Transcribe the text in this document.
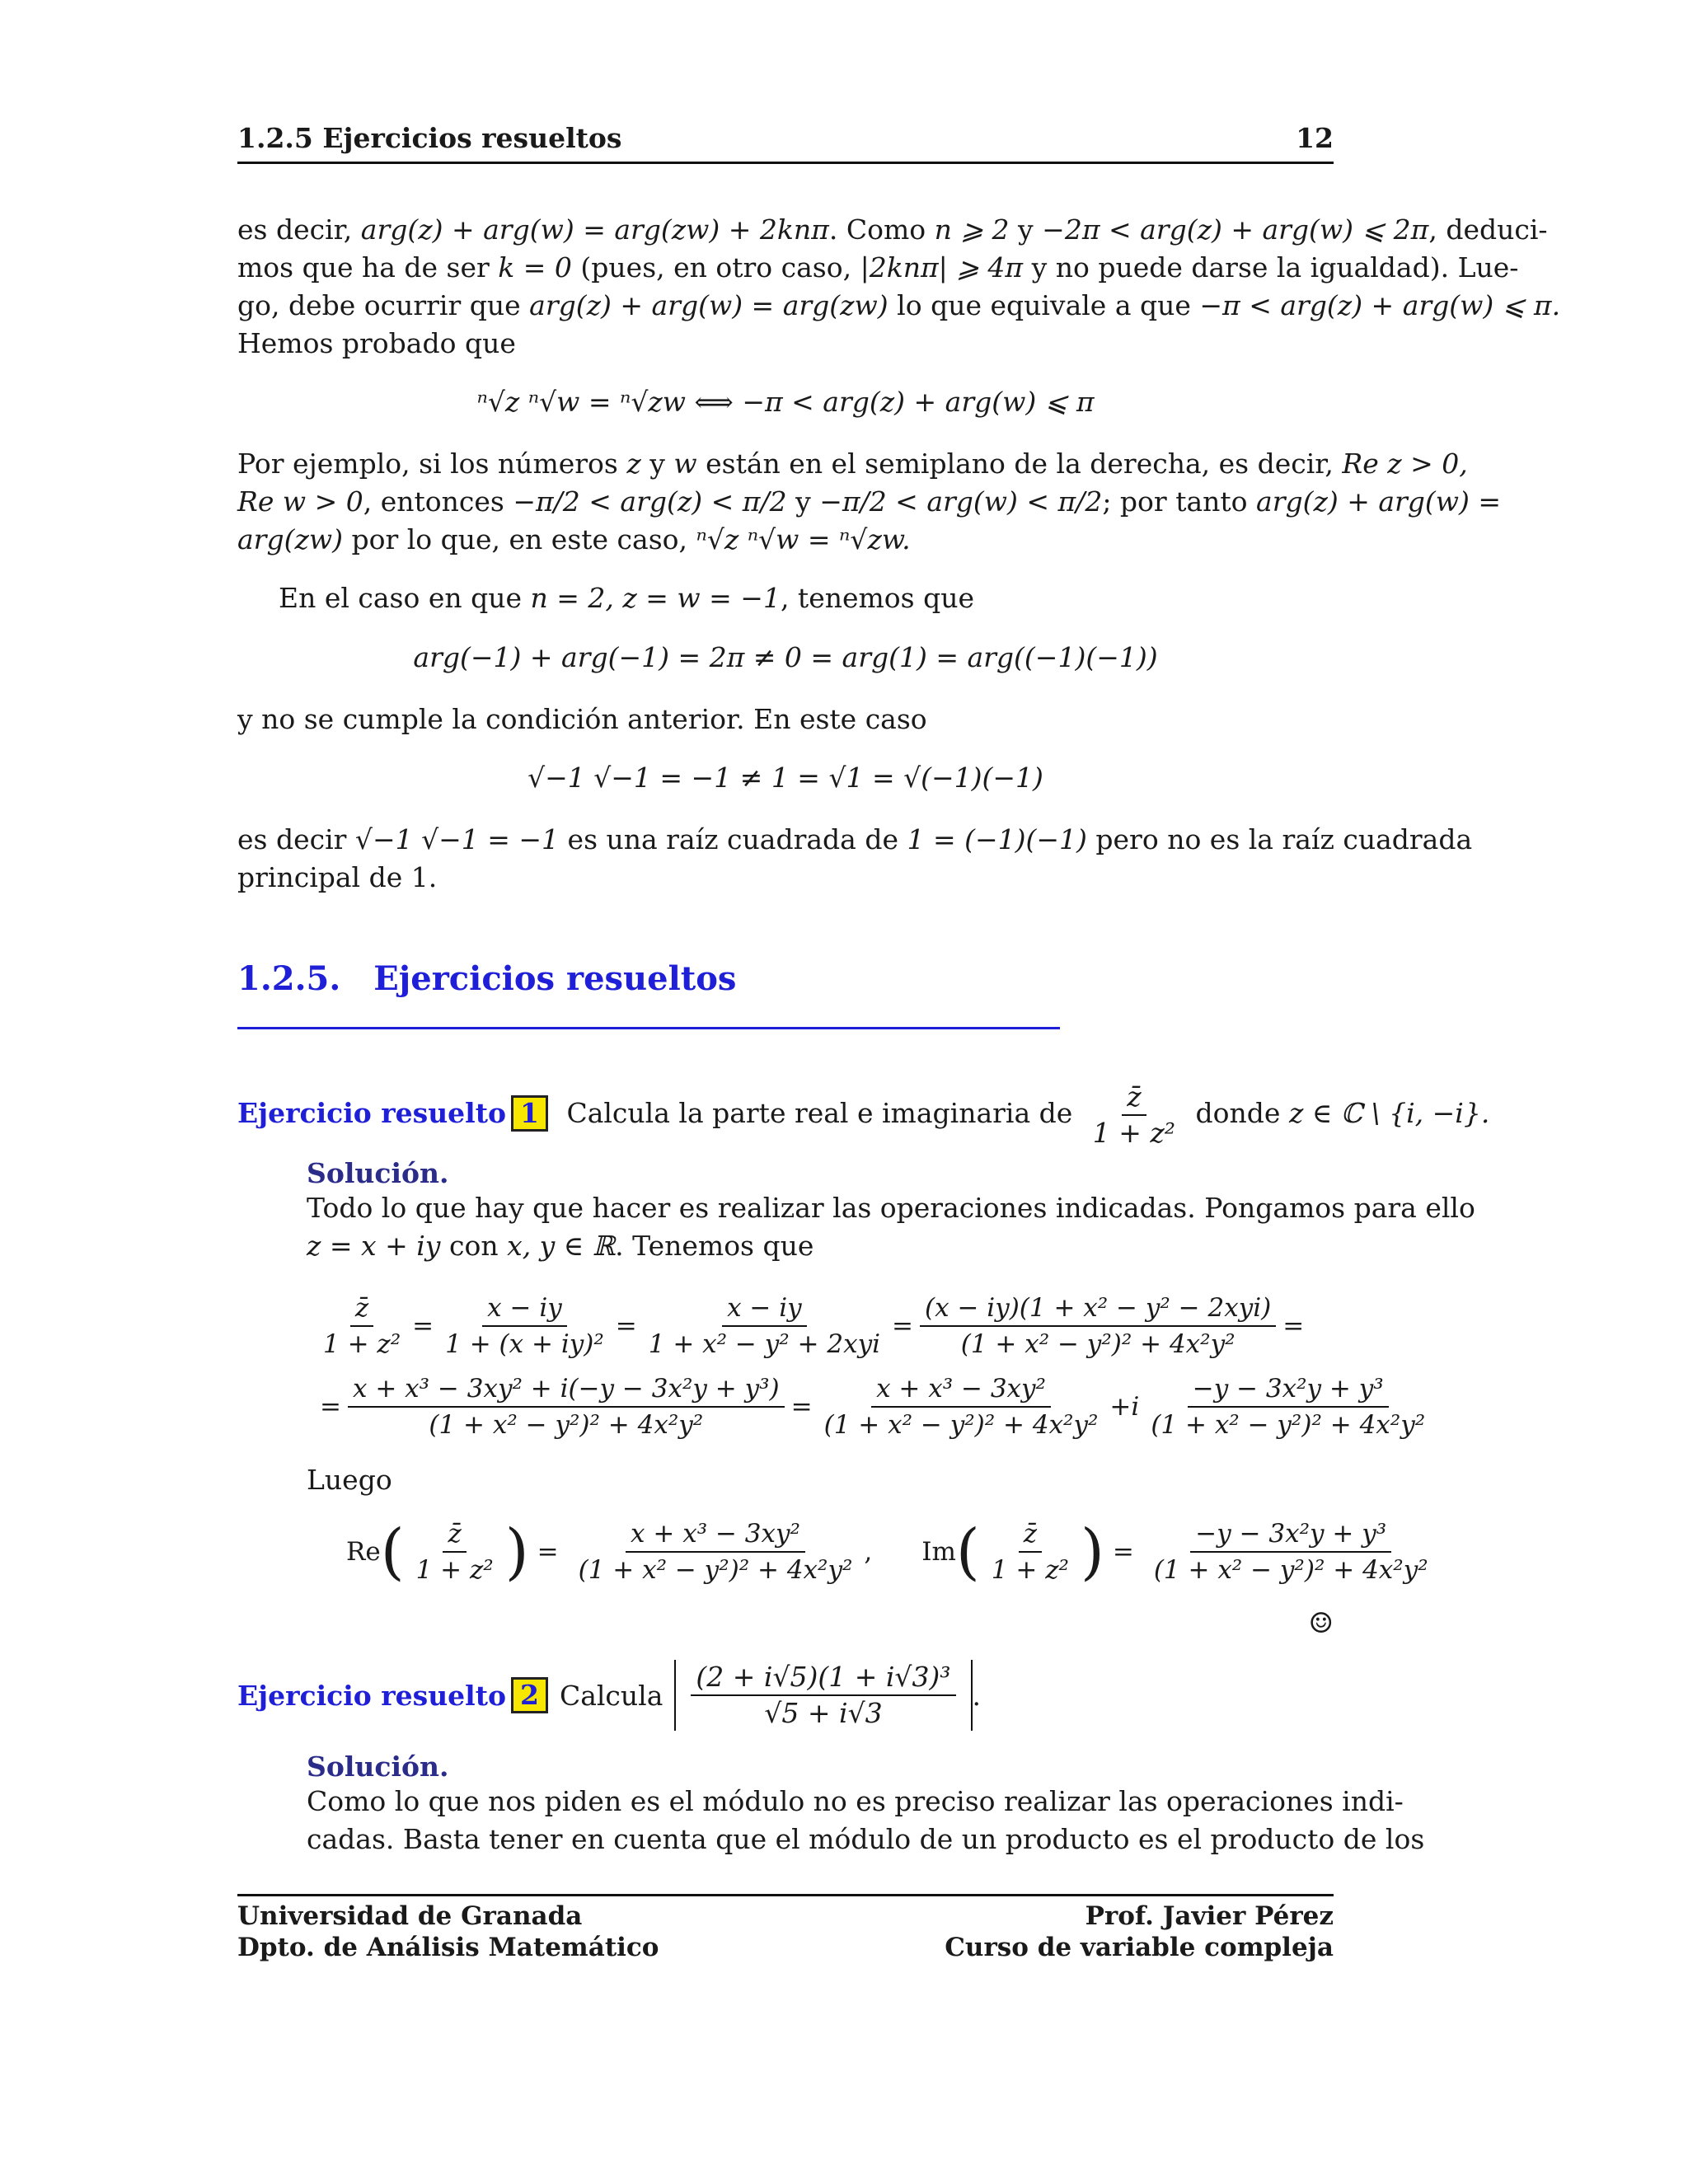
1.2.5 Ejercicios resueltos	12
es decir, arg(z) + arg(w) = arg(zw) + 2knπ. Como n ⩾ 2 y −2π < arg(z) + arg(w) ⩽ 2π, deduci-
mos que ha de ser k = 0 (pues, en otro caso, |2knπ| ⩾ 4π y no puede darse la igualdad). Lue-
go, debe ocurrir que arg(z) + arg(w) = arg(zw) lo que equivale a que −π < arg(z) + arg(w) ⩽ π.
Hemos probado que
ⁿ√z ⁿ√w = ⁿ√zw ⟺ −π < arg(z) + arg(w) ⩽ π
Por ejemplo, si los números z y w están en el semiplano de la derecha, es decir, Re z > 0,
Re w > 0, entonces −π/2 < arg(z) < π/2 y −π/2 < arg(w) < π/2; por tanto arg(z) + arg(w) =
arg(zw) por lo que, en este caso, ⁿ√z ⁿ√w = ⁿ√zw.
En el caso en que n = 2, z = w = −1, tenemos que
arg(−1) + arg(−1) = 2π ≠ 0 = arg(1) = arg((−1)(−1))
y no se cumple la condición anterior. En este caso
√−1 √−1 = −1 ≠ 1 = √1 = √(−1)(−1)
es decir √−1 √−1 = −1 es una raíz cuadrada de 1 = (−1)(−1) pero no es la raíz cuadrada
principal de 1.
1.2.5. Ejercicios resueltos
Ejercicio resuelto 1 Calcula la parte real e imaginaria de $\frac{z̄}{\text{1 + z²}}$ donde z ∈ ℂ \ {i, −i}.
Solución.
Todo lo que hay que hacer es realizar las operaciones indicadas. Pongamos para ello
z = x + iy con x, y ∈ ℝ. Tenemos que
$\frac{z̄}{\text{1 + z²}} = \frac{x - iy}{\text{1 + (x + iy)²}} = \frac{x - iy}{\text{1 + x² − y² + 2xyi}} = \frac{\text{(x − iy)(1 + x² − y² − 2xyi)}}{\text{(1 + x² − y²)² + 4x²y²}}$ =
= $\frac{\text{x + x³ − 3xy² + i(−y − 3x²y + y³)}}{\text{(1 + x² − y²)² + 4x²y²}} = \frac{\text{x + x³ − 3xy²}}{\text{(1 + x² − y²)² + 4x²y²}} + i \frac{\text{−y − 3x²y + y³}}{\text{(1 + x² − y²)² + 4x²y²}}$
Luego
Re ( $\frac{z̄}{\text{1 + z²}}$ ) = $\frac{\text{x + x³ − 3xy²}}{\text{(1 + x² − y²)² + 4x²y²}}$ , Im ( $\frac{z̄}{\text{1 + z²}}$ ) = $\frac{\text{−y − 3x²y + y³}}{\text{(1 + x² − y²)² + 4x²y²}}$
☺
Ejercicio resuelto 2 Calcula $\frac{\text{(2 + i√5)(1 + i√3)³}}{√5 + i√3}$ .
Solución.
Como lo que nos piden es el módulo no es preciso realizar las operaciones indi-
cadas. Basta tener en cuenta que el módulo de un producto es el producto de los
Universidad de Granada
Dpto. de Análisis Matemático
Prof. Javier Pérez
Curso de variable compleja
